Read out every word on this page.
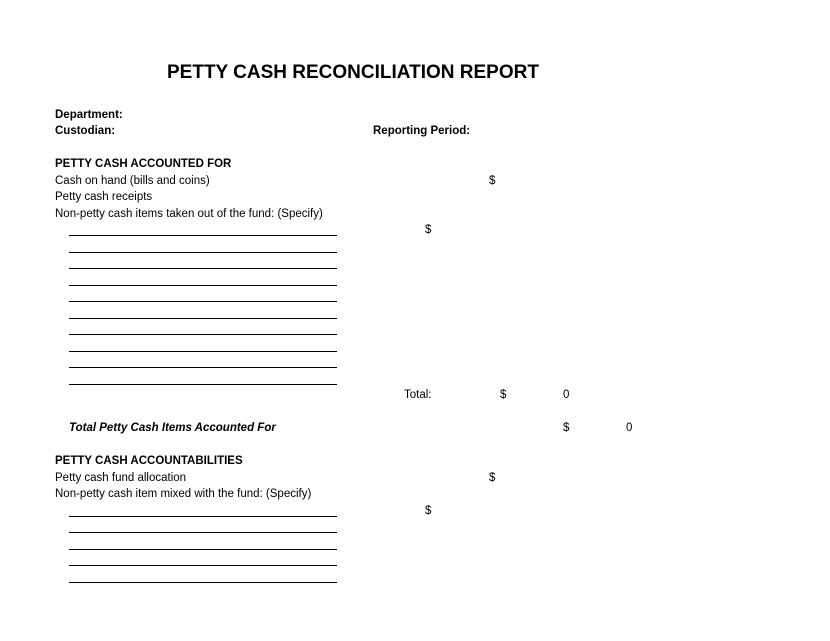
PETTY CASH RECONCILIATION REPORT
Department:
Custodian:	Reporting Period:
PETTY CASH ACCOUNTED FOR
Cash on hand (bills and coins)	$
Petty cash receipts
Non-petty cash items taken out of the fund: (Specify)
$
Total:	$	0
Total Petty Cash Items Accounted For	$	0
PETTY CASH ACCOUNTABILITIES
Petty cash fund allocation	$
Non-petty cash item mixed with the fund: (Specify)
$
